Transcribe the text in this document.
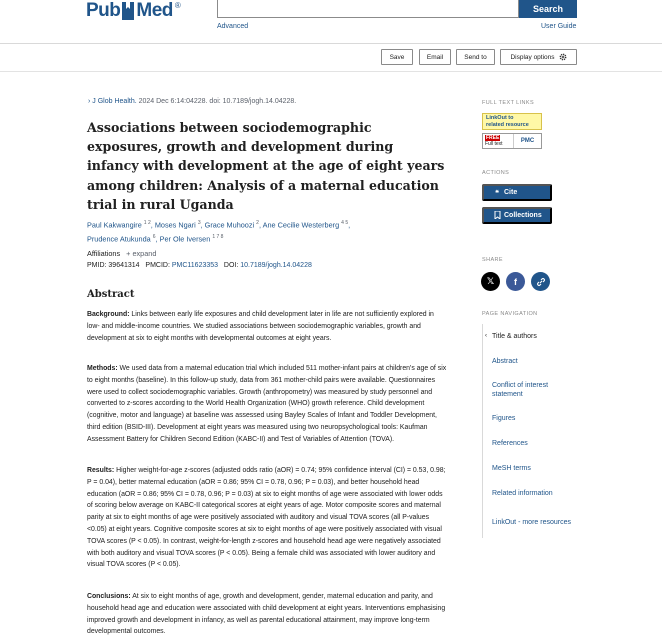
Pub Med ®	Search
Advanced	User Guide
Save	Email	Send to	Display options
› J Glob Health. 2024 Dec 6:14:04228. doi: 10.7189/jogh.14.04228.
Associations between sociodemographic exposures, growth and development during infancy with development at the age of eight years among children: Analysis of a maternal education trial in rural Uganda
Paul Kakwangire $^{1 2}$, Moses Ngari $^3$, Grace Muhoozi $^2$, Ane Cecilie Westerberg $^{4 5}$,
Prudence Atukunda $^6$, Per Ole Iversen $^{1 7 8}$
Affiliations + expand
PMID: 39641314 PMCID: PMC11623353 DOI: 10.7189/jogh.14.04228
Abstract

Background: Links between early life exposures and child development later in life are not sufficiently explored in low- and middle-income countries. We studied associations between sociodemographic variables, growth and development at six to eight months with developmental outcomes at eight years.

Methods: We used data from a maternal education trial which included 511 mother-infant pairs at children's age of six to eight months (baseline). In this follow-up study, data from 361 mother-child pairs were available. Questionnaires were used to collect sociodemographic variables. Growth (anthropometry) was measured by study personnel and converted to z-scores according to the World Health Organization (WHO) growth reference. Child development (cognitive, motor and language) at baseline was assessed using Bayley Scales of Infant and Toddler Development, third edition (BSID-III). Development at eight years was measured using two neuropsychological tools: Kaufman Assessment Battery for Children Second Edition (KABC-II) and Test of Variables of Attention (TOVA).

Results: Higher weight-for-age z-scores (adjusted odds ratio (aOR) = 0.74; 95% confidence interval (CI) = 0.53, 0.98; P = 0.04), better maternal education (aOR = 0.86; 95% CI = 0.78, 0.96; P = 0.03), and better household head education (aOR = 0.86; 95% CI = 0.78, 0.96; P = 0.03) at six to eight months of age were associated with lower odds of scoring below average on KABC-II categorical scores at eight years of age. Motor composite scores and maternal parity at six to eight months of age were positively associated with auditory and visual TOVA scores (all P-values <0.05) at eight years. Cognitive composite scores at six to eight months of age were positively associated with visual TOVA scores (P < 0.05). In contrast, weight-for-length z-scores and household head age were negatively associated with both auditory and visual TOVA scores (P < 0.05). Being a female child was associated with lower auditory and visual TOVA scores (P < 0.05).

Conclusions: At six to eight months of age, growth and development, gender, maternal education and parity, and household head age and education were associated with child development at eight years. Interventions emphasising improved growth and development in infancy, as well as parental educational attainment, may improve long-term developmental outcomes.

FULL TEXT LINKS
LinkOut to
related resource
FREE
Full text	PMC
ACTIONS
❝ Cite
Collections
SHARE
𝕏	f
PAGE NAVIGATION
‹ Title & authors
Abstract
Conflict of interest statement
Figures
References
MeSH terms
Related information
LinkOut - more resources
